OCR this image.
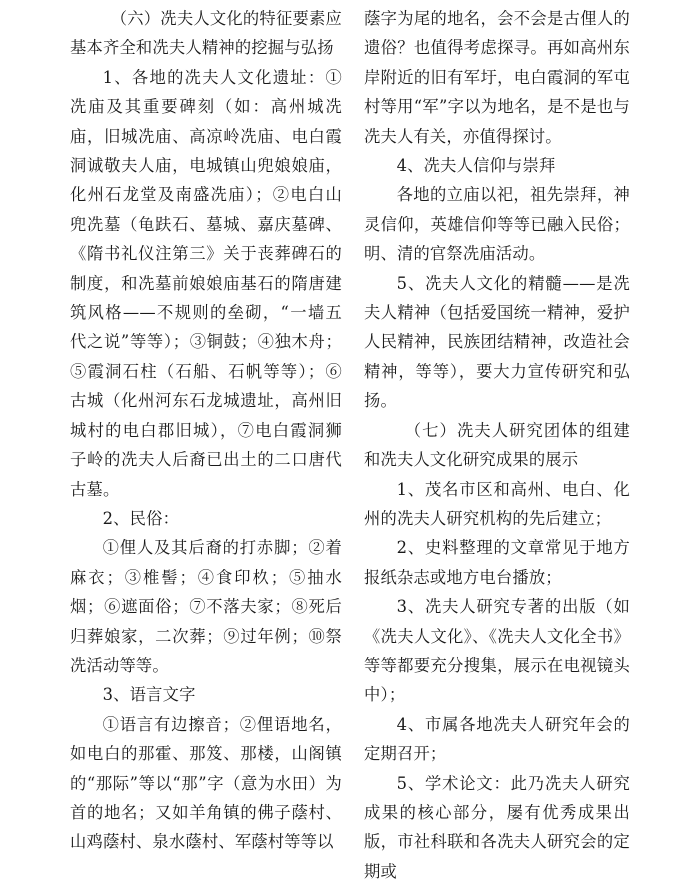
（六）冼夫人文化的特征要素应基本齐全和冼夫人精神的挖掘与弘扬

1、各地的冼夫人文化遗址：①冼庙及其重要碑刻（如：高州城冼庙，旧城冼庙、高凉岭冼庙、电白霞洞诚敬夫人庙，电城镇山兜娘娘庙，化州石龙堂及南盛冼庙）；②电白山兜冼墓（龟趺石、墓城、嘉庆墓碑、《隋书礼仪注第三》关于丧葬碑石的制度，和冼墓前娘娘庙基石的隋唐建筑风格——不规则的垒砌，“一墙五代之说”等等）；③铜鼓；④独木舟；⑤霞洞石柱（石船、石帆等等）；⑥古城（化州河东石龙城遗址，高州旧城村的电白郡旧城），⑦电白霞洞狮子岭的冼夫人后裔已出土的二口唐代古墓。

2、民俗：

①俚人及其后裔的打赤脚；②着麻衣；③椎髻；④食印杦；⑤抽水烟；⑥遮面俗；⑦不落夫家；⑧死后归葬娘家，二次葬；⑨过年例；⑩祭冼活动等等。

3、语言文字

①语言有边擦音；②俚语地名，如电白的那霍、那笈、那楼，山阁镇的“那际”等以“那”字（意为水田）为首的地名；又如羊角镇的佛子蔭村、山鸡蔭村、泉水蔭村、军蔭村等等以

蔭字为尾的地名，会不会是古俚人的遗俗？也值得考虑探寻。再如高州东岸附近的旧有军圩，电白霞洞的军屯村等用“军”字以为地名，是不是也与冼夫人有关，亦值得探讨。

4、冼夫人信仰与崇拜

各地的立庙以祀，祖先崇拜，神灵信仰，英雄信仰等等已融入民俗；明、清的官祭冼庙活动。

5、冼夫人文化的精髓——是冼夫人精神（包括爱国统一精神，爱护人民精神，民族团结精神，改造社会精神，等等），要大力宣传研究和弘扬。

（七）冼夫人研究团体的组建和冼夫人文化研究成果的展示

1、茂名市区和高州、电白、化州的冼夫人研究机构的先后建立；

2、史料整理的文章常见于地方报纸杂志或地方电台播放；

3、冼夫人研究专著的出版（如《冼夫人文化》、《冼夫人文化全书》等等都要充分搜集，展示在电视镜头中）；

4、市属各地冼夫人研究年会的定期召开；

5、学术论文：此乃冼夫人研究成果的核心部分，屡有优秀成果出版，市社科联和各冼夫人研究会的定期或
